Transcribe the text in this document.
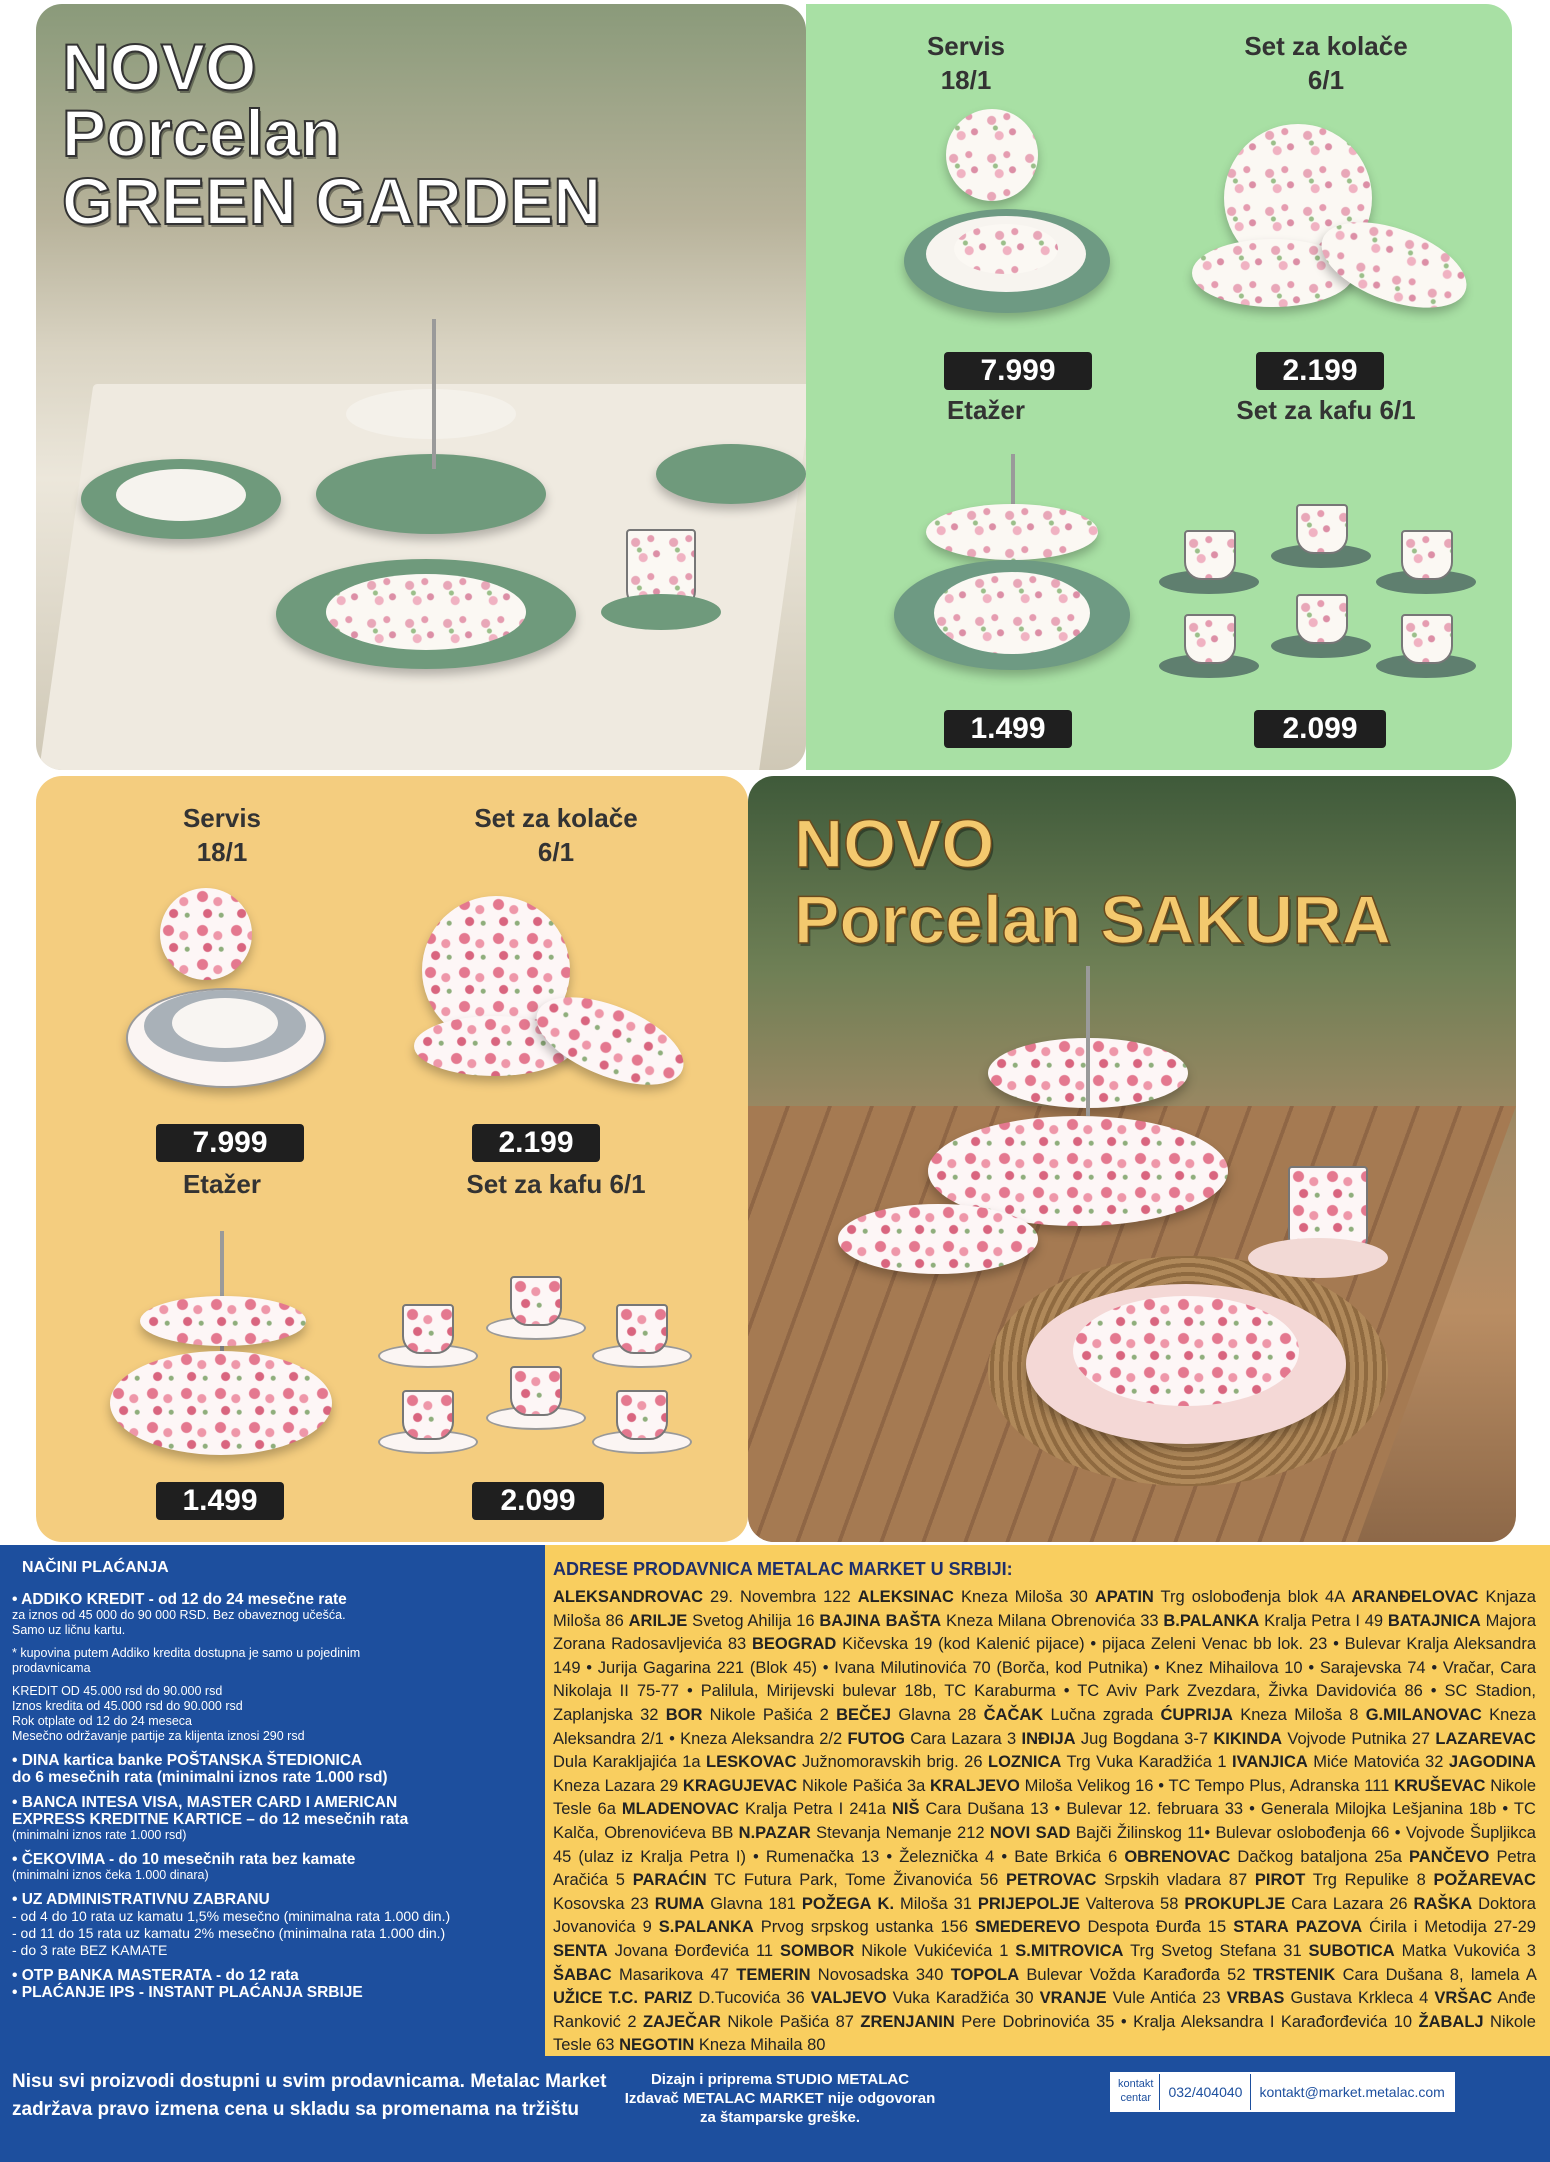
NOVO
Porcelan
GREEN GARDEN
Servis
18/1
7.999
Set za kolače
6/1
2.199
Etažer
1.499
Set za kafu 6/1
2.099
Servis
18/1
7.999
Set za kolače
6/1
2.199
Etažer
1.499
Set za kafu 6/1
2.099
NOVO
Porcelan SAKURA
NAČINI PLAĆANJA
• ADDIKO KREDIT - od 12 do 24 mesečne rate
za iznos od 45 000 do 90 000 RSD. Bez obaveznog učešća.
Samo uz ličnu kartu.
* kupovina putem Addiko kredita dostupna je samo u pojedinim
prodavnicama
KREDIT OD 45.000 rsd do 90.000 rsd
Iznos kredita od 45.000 rsd do 90.000 rsd
Rok otplate od 12 do 24 meseca
Mesečno održavanje partije za klijenta iznosi 290 rsd
• DINA kartica banke POŠTANSKA ŠTEDIONICA
do 6 mesečnih rata (minimalni iznos rate 1.000 rsd)
• BANCA INTESA VISA, MASTER CARD I AMERICAN
EXPRESS KREDITNE KARTICE – do 12 mesečnih rata
(minimalni iznos rate 1.000 rsd)
• ČEKOVIMA - do 10 mesečnih rata bez kamate
(minimalni iznos čeka 1.000 dinara)
• UZ ADMINISTRATIVNU ZABRANU
- od 4 do 10 rata uz kamatu 1,5% mesečno (minimalna rata 1.000 din.)
- od 11 do 15 rata uz kamatu 2% mesečno (minimalna rata 1.000 din.)
- do 3 rate BEZ KAMATE
• OTP BANKA MASTERATA - do 12 rata
• PLAĆANJE IPS - INSTANT PLAĆANJA SRBIJE
ADRESE PRODAVNICA METALAC MARKET U SRBIJI:
ALEKSANDROVAC 29. Novembra 122 ALEKSINAC Kneza Miloša 30 APATIN Trg oslobođenja blok 4A ARANĐELOVAC Knjaza Miloša 86 ARILJE Svetog Ahilija 16 BAJINA BAŠTA Kneza Milana Obrenovića 33 B.PALANKA Kralja Petra I 49 BATAJNICA Majora Zorana Radosavljevića 83 BEOGRAD Kičevska 19 (kod Kalenić pijace) • pijaca Zeleni Venac bb lok. 23 • Bulevar Kralja Aleksandra 149 • Jurija Gagarina 221 (Blok 45) • Ivana Milutinovića 70 (Borča, kod Putnika) • Knez Mihailova 10 • Sarajevska 74 • Vračar, Cara Nikolaja II 75-77 • Palilula, Mirijevski bulevar 18b, TC Karaburma • TC Aviv Park Zvezdara, Živka Davidovića 86 • SC Stadion, Zaplanjska 32 BOR Nikole Pašića 2 BEČEJ Glavna 28 ČAČAK Lučna zgrada ĆUPRIJA Kneza Miloša 8 G.MILANOVAC Kneza Aleksandra 2/1 • Kneza Aleksandra 2/2 FUTOG Cara Lazara 3 INĐIJA Jug Bogdana 3-7 KIKINDA Vojvode Putnika 27 LAZAREVAC Dula Karakljajića 1a LESKOVAC Južnomoravskih brig. 26 LOZNICA Trg Vuka Karadžića 1 IVANJICA Miće Matovića 32 JAGODINA Kneza Lazara 29 KRAGUJEVAC Nikole Pašića 3a KRALJEVO Miloša Velikog 16 • TC Tempo Plus, Adranska 111 KRUŠEVAC Nikole Tesle 6a MLADENOVAC Kralja Petra I 241a NIŠ Cara Dušana 13 • Bulevar 12. februara 33 • Generala Milojka Lešjanina 18b • TC Kalča, Obrenovićeva BB N.PAZAR Stevanja Nemanje 212 NOVI SAD Bajči Žilinskog 11• Bulevar oslobođenja 66 • Vojvode Šupljikca 45 (ulaz iz Kralja Petra I) • Rumenačka 13 • Železnička 4 • Bate Brkića 6 OBRENOVAC Dačkog bataljona 25a PANČEVO Petra Aračića 5 PARAĆIN TC Futura Park, Tome Živanovića 56 PETROVAC Srpskih vladara 87 PIROT Trg Repulike 8 POŽAREVAC Kosovska 23 RUMA Glavna 181 POŽEGA K. Miloša 31 PRIJEPOLJE Valterova 58 PROKUPLJE Cara Lazara 26 RAŠKA Doktora Jovanovića 9 S.PALANKA Prvog srpskog ustanka 156 SMEDEREVO Despota Đurđa 15 STARA PAZOVA Ćirila i Metodija 27-29 SENTA Jovana Đorđevića 11 SOMBOR Nikole Vukićevića 1 S.MITROVICA Trg Svetog Stefana 31 SUBOTICA Matka Vukovića 3 ŠABAC Masarikova 47 TEMERIN Novosadska 340 TOPOLA Bulevar Vožda Karađorđa 52 TRSTENIK Cara Dušana 8, lamela A UŽICE T.C. PARIZ D.Tucovića 36 VALJEVO Vuka Karadžića 30 VRANJE Vule Antića 23 VRBAS Gustava Krkleca 4 VRŠAC Anđe Ranković 2 ZAJEČAR Nikole Pašića 87 ZRENJANIN Pere Dobrinovića 35 • Kralja Aleksandra I Karađorđevića 10 ŽABALJ Nikole Tesle 63 NEGOTIN Kneza Mihaila 80
Nisu svi proizvodi dostupni u svim prodavnicama. Metalac Market
zadržava pravo izmena cena u skladu sa promenama na tržištu
Dizajn i priprema STUDIO METALAC
Izdavač METALAC MARKET nije odgovoran
za štamparske greške.
kontakt
centar	032/404040	kontakt@market.metalac.com
